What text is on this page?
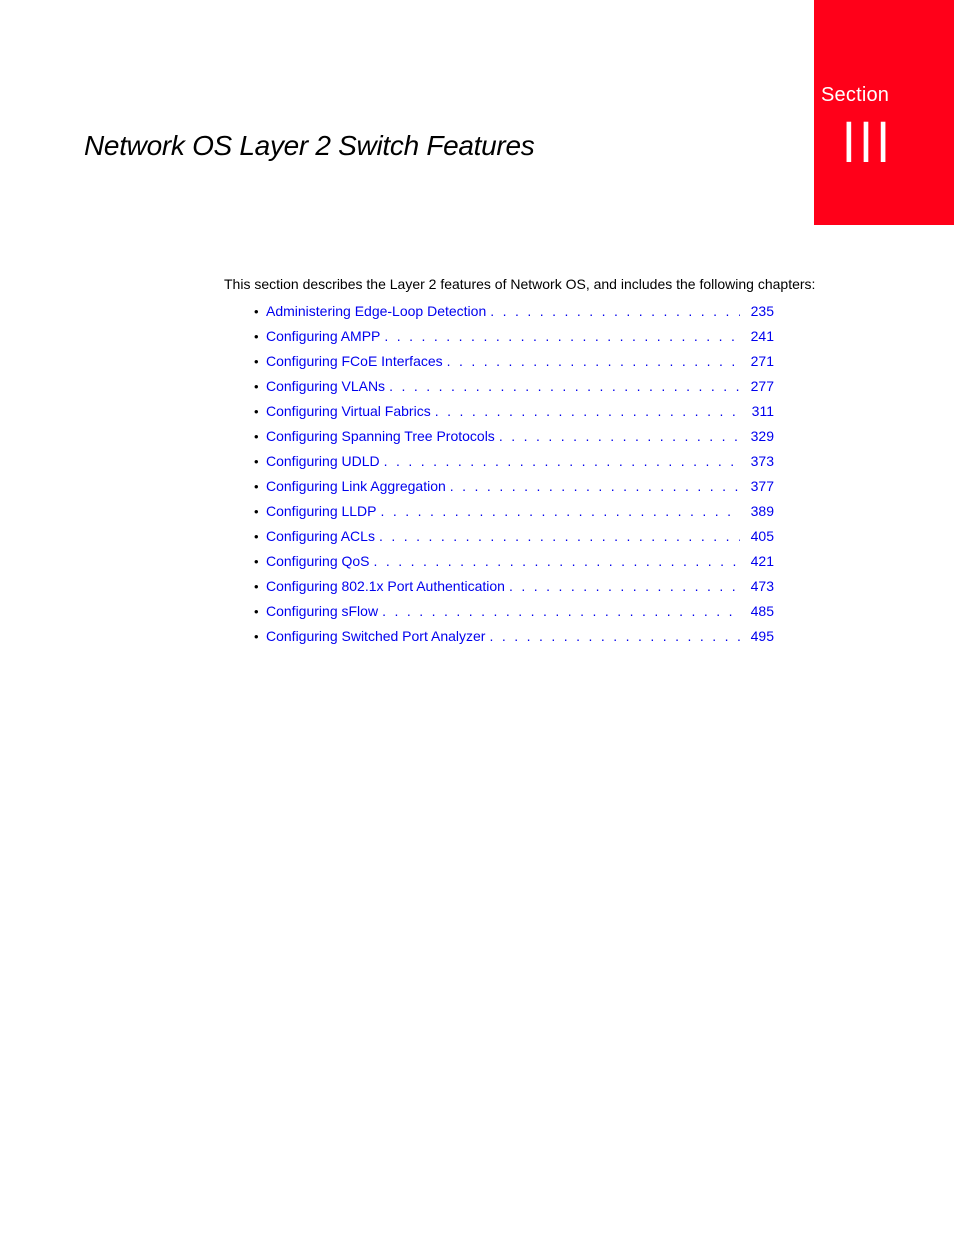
Section
III
Network OS Layer 2 Switch Features

This section describes the Layer 2 features of Network OS, and includes the following chapters:

• Administering Edge-Loop Detection . . .	235
• Configuring AMPP . . .	241
• Configuring FCoE Interfaces . . .	271
• Configuring VLANs . . .	277
• Configuring Virtual Fabrics . . .	311
• Configuring Spanning Tree Protocols . . .	329
• Configuring UDLD . . .	373
• Configuring Link Aggregation . . .	377
• Configuring LLDP . . .	389
• Configuring ACLs . . .	405
• Configuring QoS . . .	421
• Configuring 802.1x Port Authentication . . .	473
• Configuring sFlow . . .	485
• Configuring Switched Port Analyzer . . .	495
